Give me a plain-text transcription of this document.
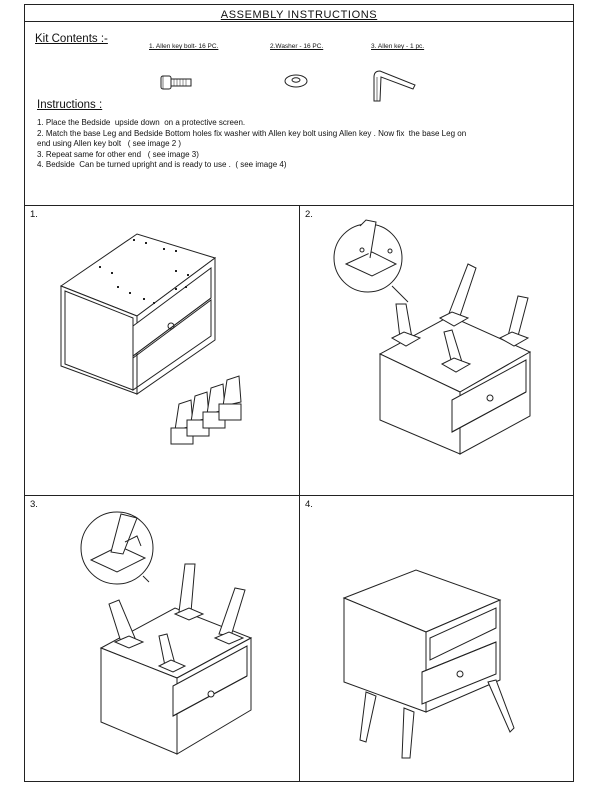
ASSEMBLY INSTRUCTIONS
Kit Contents :-
1. Allen key bolt- 16 PC.	2.Washer - 16 PC.	3. Allen key - 1 pc.
Instructions :
1. Place the Bedside  upside down  on a protective screen.
2. Match the base Leg and Bedside Bottom holes fix washer with Allen key bolt using Allen key . Now fix  the base Leg on
end using Allen key bolt   ( see image 2 )
3. Repeat same for other end   ( see image 3)
4. Bedside  Can be turned upright and is ready to use .  ( see image 4)
1.	2.
3.	4.
